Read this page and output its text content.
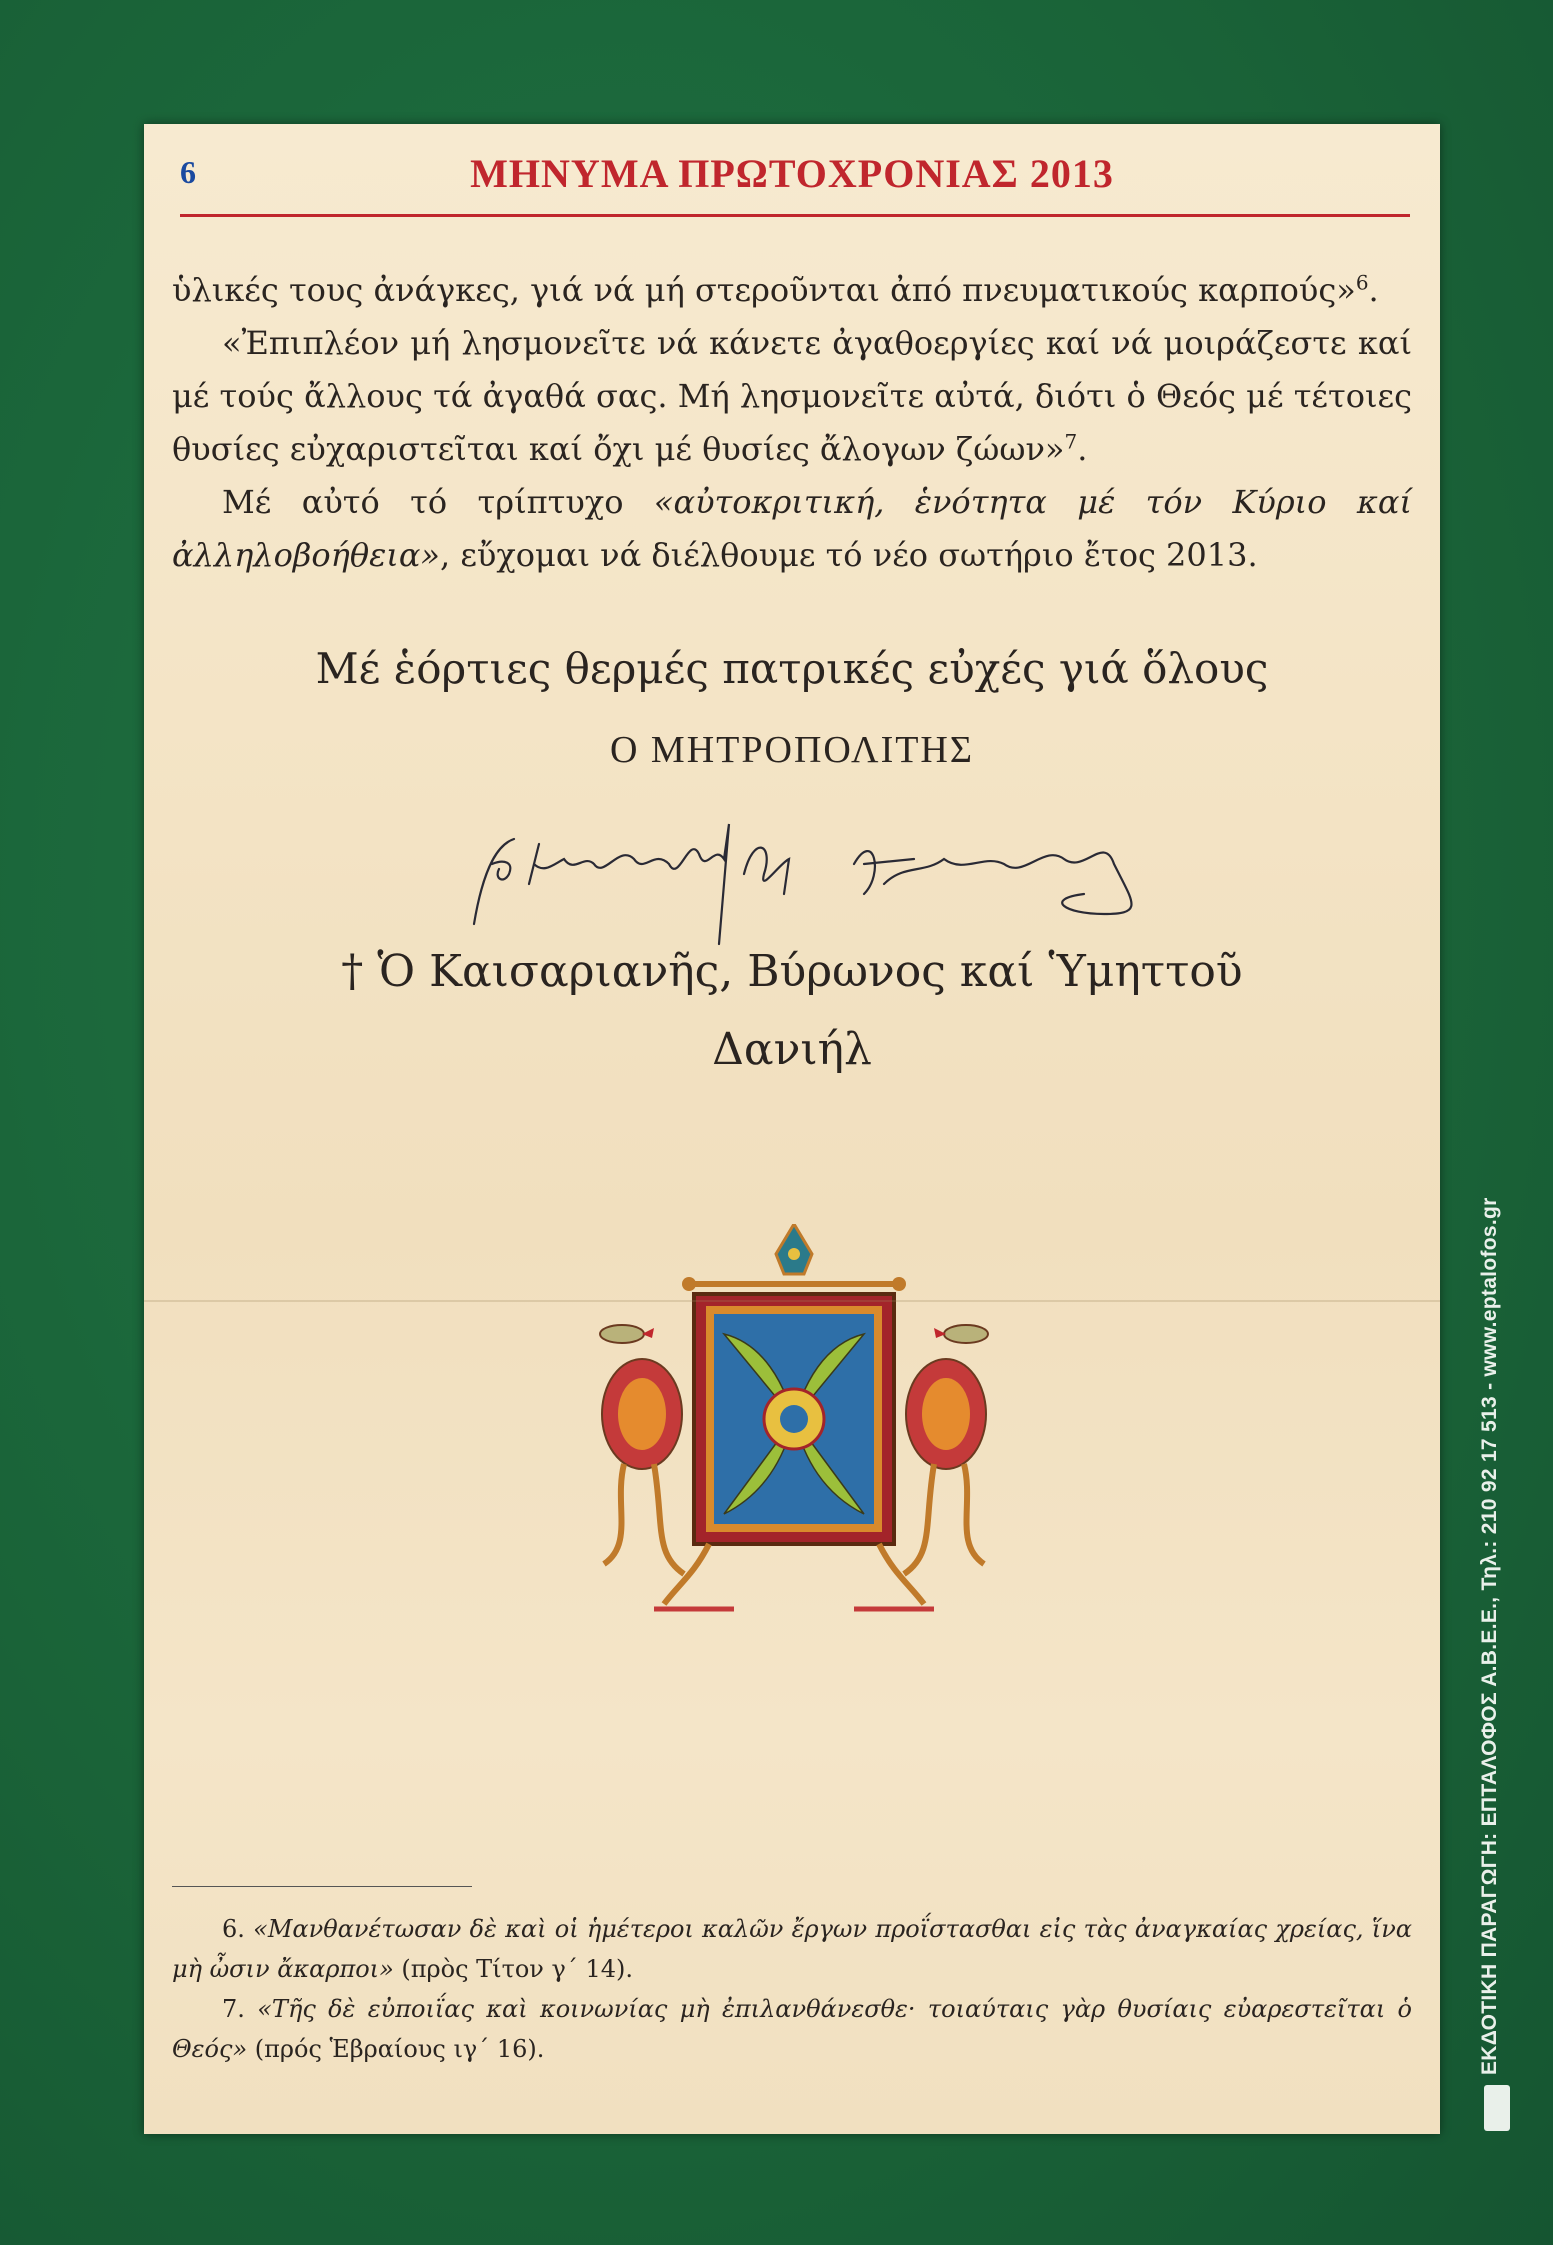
6	ΜΗΝΥΜΑ ΠΡΩΤΟΧΡΟΝΙΑΣ 2013

ὑλικές τους ἀνάγκες, γιά νά μή στεροῦνται ἀπό πνευματικούς καρπούς»$^6$.

«Ἐπιπλέον μή λησμονεῖτε νά κάνετε ἀγαθοεργίες καί νά μοιράζεστε καί μέ τούς ἄλλους τά ἀγαθά σας. Μή λησμονεῖτε αὐτά, διότι ὁ Θεός μέ τέτοιες θυσίες εὐχαριστεῖται καί ὄχι μέ θυσίες ἄλογων ζώων»$^7$.

Μέ αὐτό τό τρίπτυχο «αὐτοκριτική, ἑνότητα μέ τόν Κύριο καί ἀλληλοβοήθεια», εὔχομαι νά διέλθουμε τό νέο σωτήριο ἔτος 2013.

Μέ ἑόρτιες θερμές πατρικές εὐχές γιά ὅλους
Ο ΜΗΤΡΟΠΟΛΙΤΗΣ
† Ὁ Καισαριανῆς, Βύρωνος καί Ὑμηττοῦ
Δανιήλ

6. «Μανθανέτωσαν δὲ καὶ οἱ ἡμέτεροι καλῶν ἔργων προΐστασθαι εἰς τὰς ἀναγκαίας χρείας, ἵνα μὴ ὦσιν ἄκαρποι» (πρὸς Τίτον γ΄ 14).

7. «Τῆς δὲ εὐποιΐας καὶ κοινωνίας μὴ ἐπιλανθάνεσθε· τοιαύταις γὰρ θυσίαις εὐαρεστεῖται ὁ Θεός» (πρός Ἑβραίους ιγ΄ 16).	ΕΚΔΟΤΙΚΗ ΠΑΡΑΓΩΓΗ: ΕΠΤΑΛΟΦΟΣ Α.Β.Ε.Ε., Τηλ.: 210 92 17 513 - www.eptalofos.gr
